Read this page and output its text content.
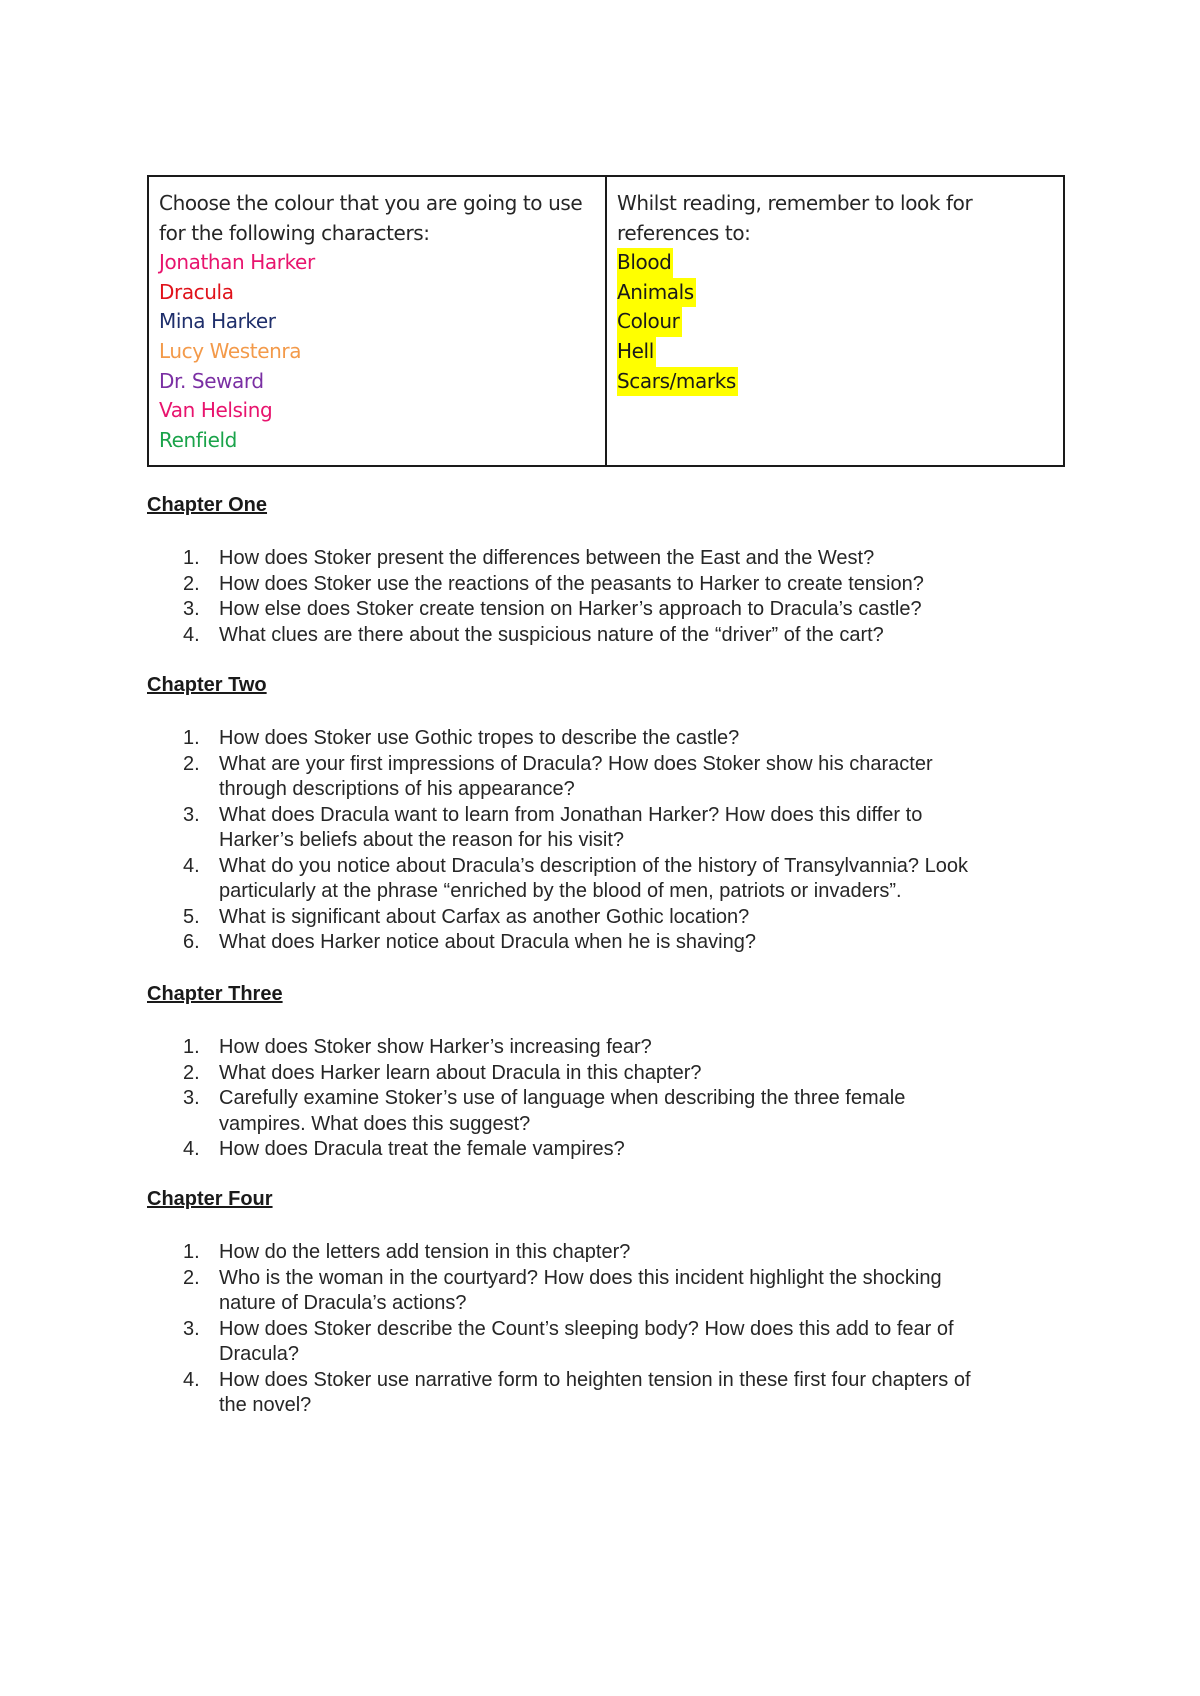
Choose the colour that you are going to use for the following characters:
Jonathan Harker
Dracula
Mina Harker
Lucy Westenra
Dr. Seward
Van Helsing
Renfield

Whilst reading, remember to look for references to:
Blood
Animals
Colour
Hell
Scars/marks
Chapter One
1. How does Stoker present the differences between the East and the West?
2. How does Stoker use the reactions of the peasants to Harker to create tension?
3. How else does Stoker create tension on Harker’s approach to Dracula’s castle?
4. What clues are there about the suspicious nature of the “driver” of the cart?
Chapter Two
1. How does Stoker use Gothic tropes to describe the castle?
2. What are your first impressions of Dracula? How does Stoker show his character
through descriptions of his appearance?
3. What does Dracula want to learn from Jonathan Harker? How does this differ to
Harker’s beliefs about the reason for his visit?
4. What do you notice about Dracula’s description of the history of Transylvannia? Look
particularly at the phrase “enriched by the blood of men, patriots or invaders”.
5. What is significant about Carfax as another Gothic location?
6. What does Harker notice about Dracula when he is shaving?
Chapter Three
1. How does Stoker show Harker’s increasing fear?
2. What does Harker learn about Dracula in this chapter?
3. Carefully examine Stoker’s use of language when describing the three female
vampires. What does this suggest?
4. How does Dracula treat the female vampires?
Chapter Four
1. How do the letters add tension in this chapter?
2. Who is the woman in the courtyard? How does this incident highlight the shocking
nature of Dracula’s actions?
3. How does Stoker describe the Count’s sleeping body? How does this add to fear of
Dracula?
4. How does Stoker use narrative form to heighten tension in these first four chapters of
the novel?
